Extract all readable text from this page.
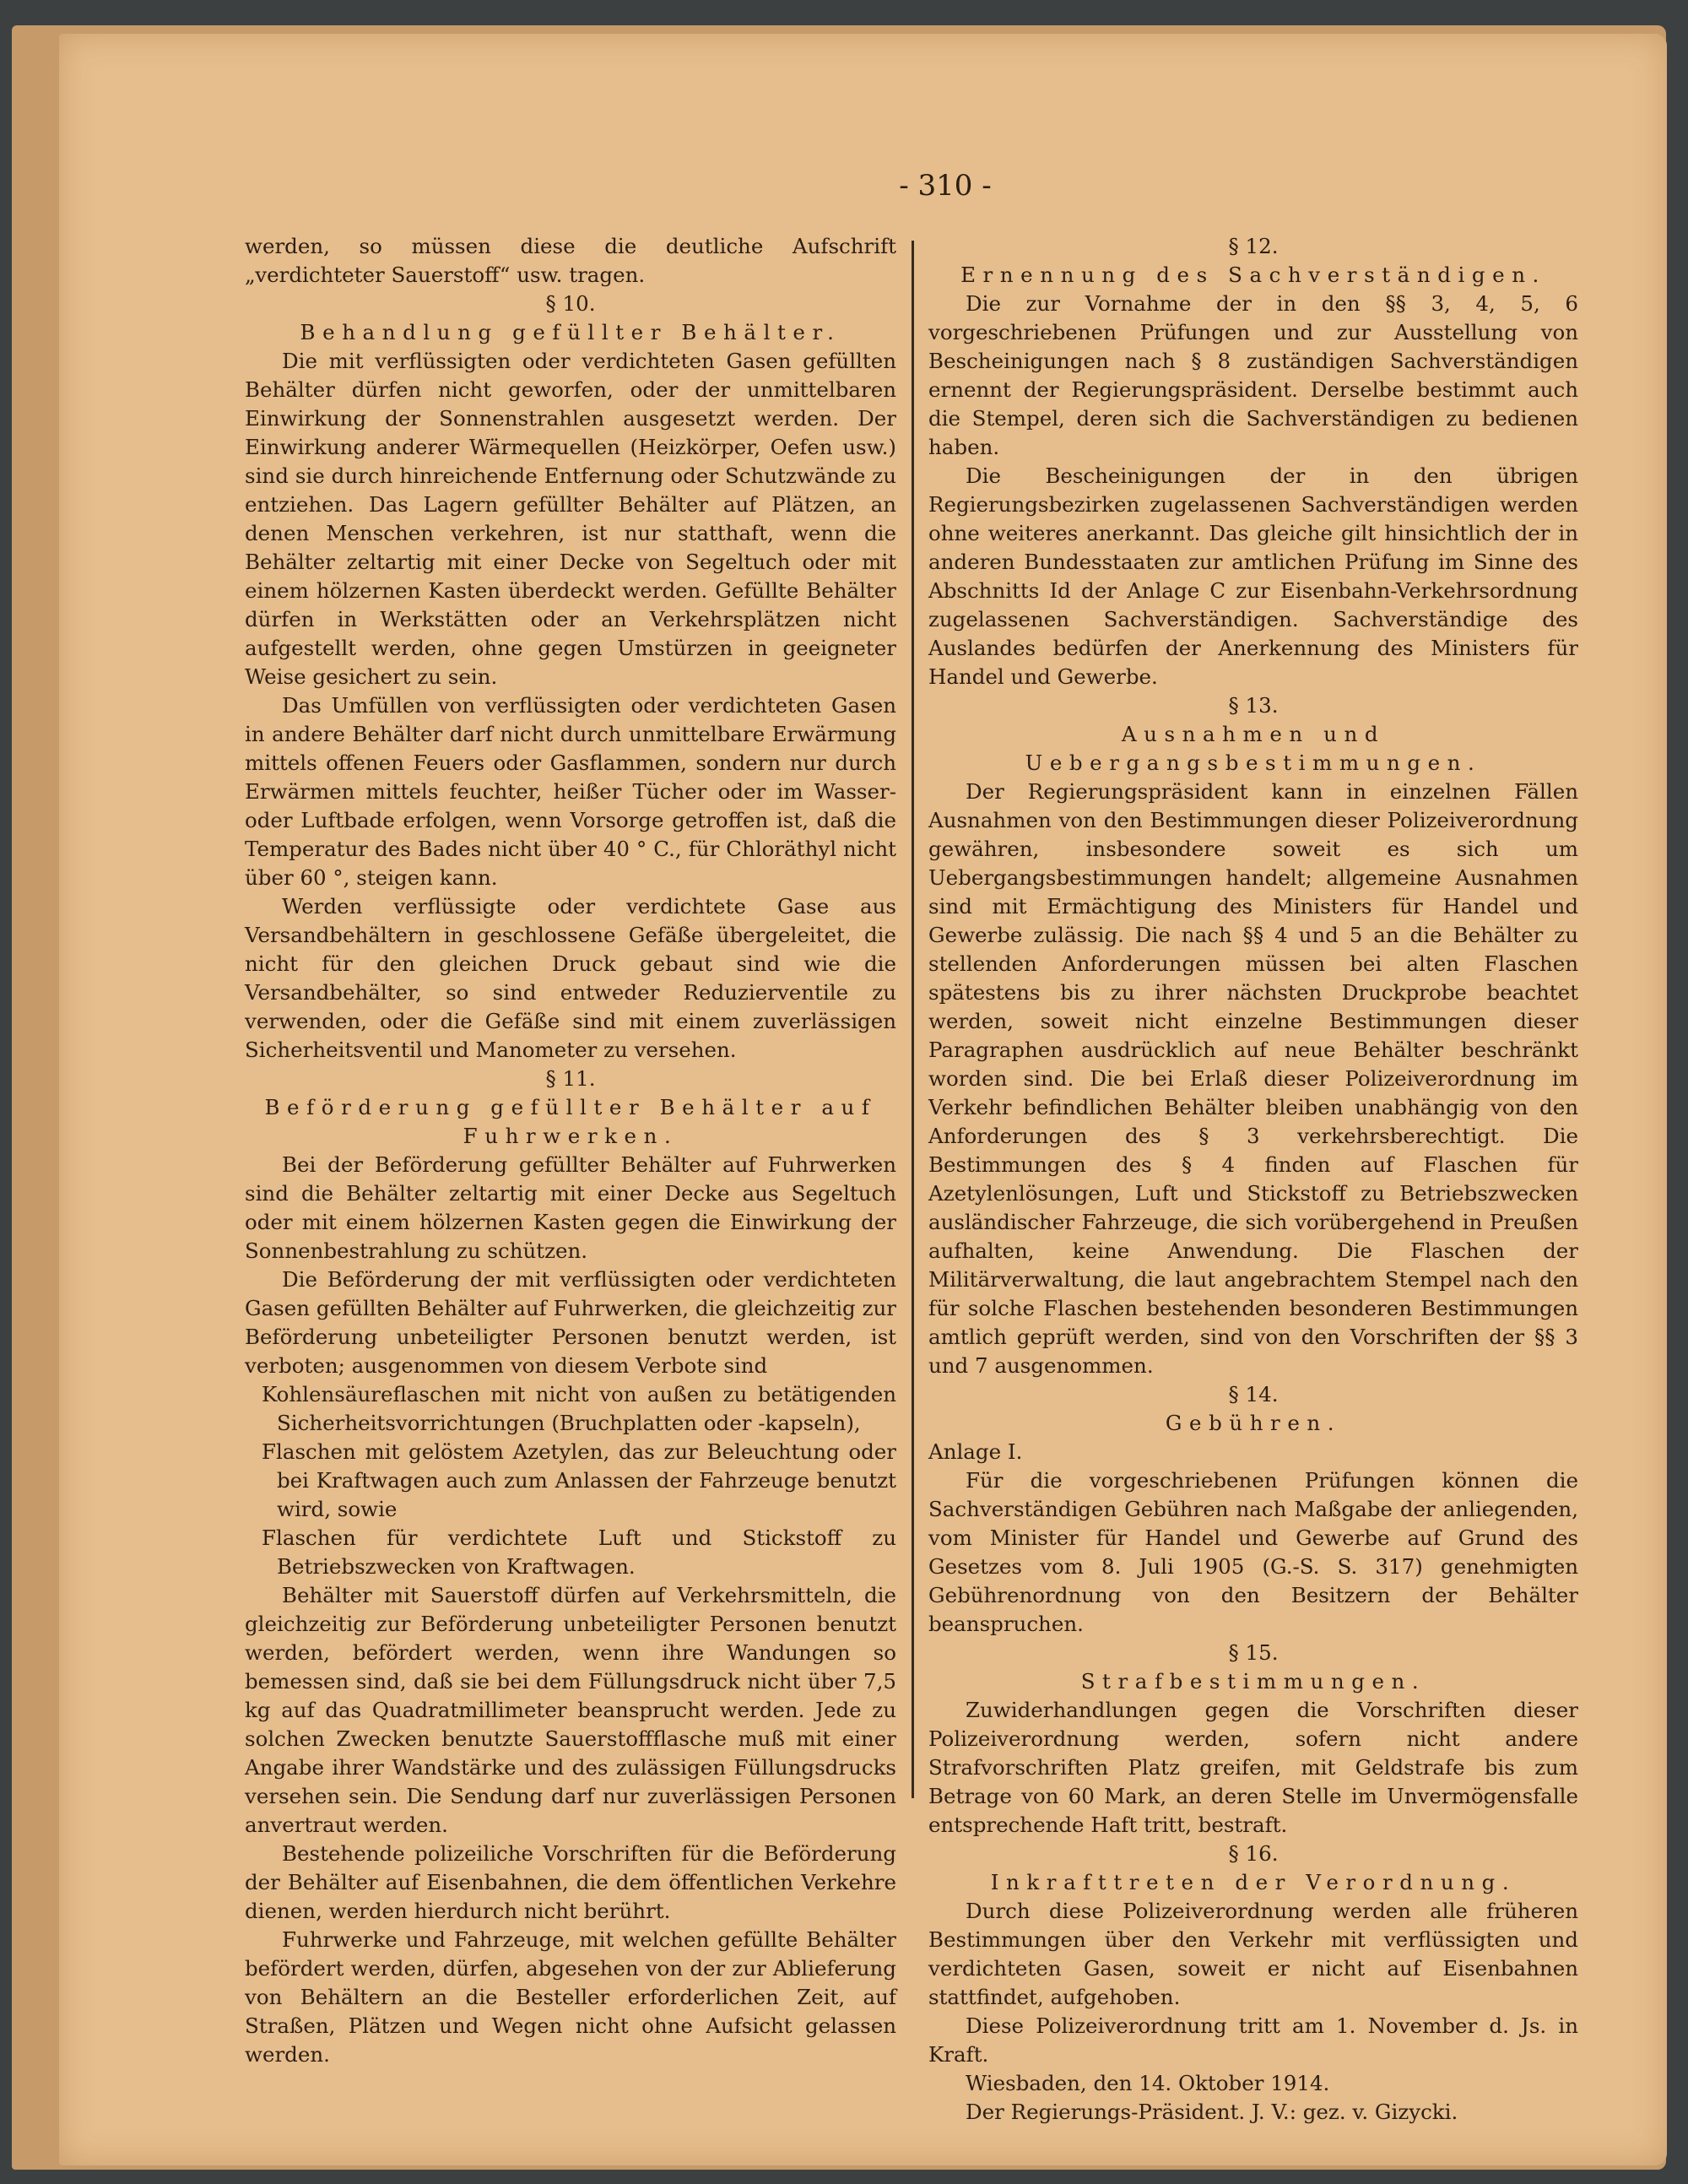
- 310 -

werden, so müssen diese die deutliche Aufschrift „verdichteter Sauerstoff“ usw. tragen.

§ 10.

Behandlung gefüllter Behälter.

Die mit verflüssigten oder verdichteten Gasen gefüllten Behälter dürfen nicht geworfen, oder der unmittelbaren Einwirkung der Sonnenstrahlen ausgesetzt werden. Der Einwirkung anderer Wärmequellen (Heizkörper, Oefen usw.) sind sie durch hinreichende Entfernung oder Schutzwände zu entziehen. Das Lagern gefüllter Behälter auf Plätzen, an denen Menschen verkehren, ist nur statthaft, wenn die Behälter zeltartig mit einer Decke von Segeltuch oder mit einem hölzernen Kasten überdeckt werden. Gefüllte Behälter dürfen in Werkstätten oder an Verkehrsplätzen nicht aufgestellt werden, ohne gegen Umstürzen in geeigneter Weise gesichert zu sein.

Das Umfüllen von verflüssigten oder verdichteten Gasen in andere Behälter darf nicht durch unmittelbare Erwärmung mittels offenen Feuers oder Gasflammen, sondern nur durch Erwärmen mittels feuchter, heißer Tücher oder im Wasser- oder Luftbade erfolgen, wenn Vorsorge getroffen ist, daß die Temperatur des Bades nicht über 40 ° C., für Chloräthyl nicht über 60 °, steigen kann.

Werden verflüssigte oder verdichtete Gase aus Versandbehältern in geschlossene Gefäße übergeleitet, die nicht für den gleichen Druck gebaut sind wie die Versandbehälter, so sind entweder Reduzierventile zu verwenden, oder die Gefäße sind mit einem zuverlässigen Sicherheitsventil und Manometer zu versehen.

§ 11.

Beförderung gefüllter Behälter auf Fuhrwerken.

Bei der Beförderung gefüllter Behälter auf Fuhrwerken sind die Behälter zeltartig mit einer Decke aus Segeltuch oder mit einem hölzernen Kasten gegen die Einwirkung der Sonnenbestrahlung zu schützen.

Die Beförderung der mit verflüssigten oder verdichteten Gasen gefüllten Behälter auf Fuhrwerken, die gleichzeitig zur Beförderung unbeteiligter Personen benutzt werden, ist verboten; ausgenommen von diesem Verbote sind

Kohlensäureflaschen mit nicht von außen zu betätigenden Sicherheitsvorrichtungen (Bruchplatten oder -kapseln),

Flaschen mit gelöstem Azetylen, das zur Beleuchtung oder bei Kraftwagen auch zum Anlassen der Fahrzeuge benutzt wird, sowie

Flaschen für verdichtete Luft und Stickstoff zu Betriebszwecken von Kraftwagen.

Behälter mit Sauerstoff dürfen auf Verkehrsmitteln, die gleichzeitig zur Beförderung unbeteiligter Personen benutzt werden, befördert werden, wenn ihre Wandungen so bemessen sind, daß sie bei dem Füllungsdruck nicht über 7,5 kg auf das Quadratmillimeter beansprucht werden. Jede zu solchen Zwecken benutzte Sauerstoffflasche muß mit einer Angabe ihrer Wandstärke und des zulässigen Füllungsdrucks versehen sein. Die Sendung darf nur zuverlässigen Personen anvertraut werden.

Bestehende polizeiliche Vorschriften für die Beförderung der Behälter auf Eisenbahnen, die dem öffentlichen Verkehre dienen, werden hierdurch nicht berührt.

Fuhrwerke und Fahrzeuge, mit welchen gefüllte Behälter befördert werden, dürfen, abgesehen von der zur Ablieferung von Behältern an die Besteller erforderlichen Zeit, auf Straßen, Plätzen und Wegen nicht ohne Aufsicht gelassen werden.

§ 12.

Ernennung des Sachverständigen.

Die zur Vornahme der in den §§ 3, 4, 5, 6 vorgeschriebenen Prüfungen und zur Ausstellung von Bescheinigungen nach § 8 zuständigen Sachverständigen ernennt der Regierungspräsident. Derselbe bestimmt auch die Stempel, deren sich die Sachverständigen zu bedienen haben.

Die Bescheinigungen der in den übrigen Regierungsbezirken zugelassenen Sachverständigen werden ohne weiteres anerkannt. Das gleiche gilt hinsichtlich der in anderen Bundesstaaten zur amtlichen Prüfung im Sinne des Abschnitts Id der Anlage C zur Eisenbahn-Verkehrsordnung zugelassenen Sachverständigen. Sachverständige des Auslandes bedürfen der Anerkennung des Ministers für Handel und Gewerbe.

§ 13.

Ausnahmen und Uebergangsbestimmungen.

Der Regierungspräsident kann in einzelnen Fällen Ausnahmen von den Bestimmungen dieser Polizeiverordnung gewähren, insbesondere soweit es sich um Uebergangsbestimmungen handelt; allgemeine Ausnahmen sind mit Ermächtigung des Ministers für Handel und Gewerbe zulässig. Die nach §§ 4 und 5 an die Behälter zu stellenden Anforderungen müssen bei alten Flaschen spätestens bis zu ihrer nächsten Druckprobe beachtet werden, soweit nicht einzelne Bestimmungen dieser Paragraphen ausdrücklich auf neue Behälter beschränkt worden sind. Die bei Erlaß dieser Polizeiverordnung im Verkehr befindlichen Behälter bleiben unabhängig von den Anforderungen des § 3 verkehrsberechtigt. Die Bestimmungen des § 4 finden auf Flaschen für Azetylenlösungen, Luft und Stickstoff zu Betriebszwecken ausländischer Fahrzeuge, die sich vorübergehend in Preußen aufhalten, keine Anwendung. Die Flaschen der Militärverwaltung, die laut angebrachtem Stempel nach den für solche Flaschen bestehenden besonderen Bestimmungen amtlich geprüft werden, sind von den Vorschriften der §§ 3 und 7 ausgenommen.

§ 14.

Gebühren.

Anlage I.

Für die vorgeschriebenen Prüfungen können die Sachverständigen Gebühren nach Maßgabe der anliegenden, vom Minister für Handel und Gewerbe auf Grund des Gesetzes vom 8. Juli 1905 (G.-S. S. 317) genehmigten Gebührenordnung von den Besitzern der Behälter beanspruchen.

§ 15.

Strafbestimmungen.

Zuwiderhandlungen gegen die Vorschriften dieser Polizeiverordnung werden, sofern nicht andere Strafvorschriften Platz greifen, mit Geldstrafe bis zum Betrage von 60 Mark, an deren Stelle im Unvermögensfalle entsprechende Haft tritt, bestraft.

§ 16.

Inkrafttreten der Verordnung.

Durch diese Polizeiverordnung werden alle früheren Bestimmungen über den Verkehr mit verflüssigten und verdichteten Gasen, soweit er nicht auf Eisenbahnen stattfindet, aufgehoben.

Diese Polizeiverordnung tritt am 1. November d. Js. in Kraft.

Wiesbaden, den 14. Oktober 1914.

Der Regierungs-Präsident. J. V.: gez. v. Gizycki.
